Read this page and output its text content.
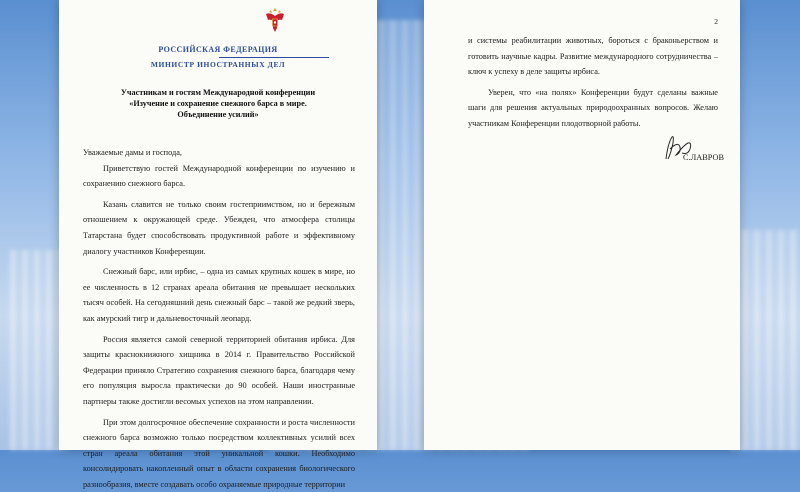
РОССИЙСКАЯ ФЕДЕРАЦИЯ
МИНИСТР ИНОСТРАННЫХ ДЕЛ
Участникам и гостям Международной конференции
«Изучение и сохранение снежного барса в мире.
Объединение усилий»

Уважаемые дамы и господа,

Приветствую гостей Международной конференции по изучению и сохранению снежного барса.

Казань славится не только своим гостеприимством, но и бережным отношением к окружающей среде. Убежден, что атмосфера столицы Татарстана будет способствовать продуктивной работе и эффективному диалогу участников Конференции.

Снежный барс, или ирбис, – одна из самых крупных кошек в мире, но ее численность в 12 странах ареала обитания не превышает нескольких тысяч особей. На сегодняшний день снежный барс – такой же редкий зверь, как амурский тигр и дальневосточный леопард.

Россия является самой северной территорией обитания ирбиса. Для защиты краснокнижного хищника в 2014 г. Правительство Российской Федерации приняло Стратегию сохранения снежного барса, благодаря чему его популяция выросла практически до 90 особей. Наши иностранные партнеры также достигли весомых успехов на этом направлении.

При этом долгосрочное обеспечение сохранности и роста численности снежного барса возможно только посредством коллективных усилий всех стран ареала обитания этой уникальной кошки. Необходимо консолидировать накопленный опыт в области сохранения биологического разнообразия, вместе создавать особо охраняемые природные территории

2

и системы реабилитации животных, бороться с браконьерством и готовить научные кадры. Развитие международного сотрудничества – ключ к успеху в деле защиты ирбиса.

Уверен, что «на полях» Конференции будут сделаны важные шаги для решения актуальных природоохранных вопросов. Желаю участникам Конференции плодотворной работы.

С.ЛАВРОВ
